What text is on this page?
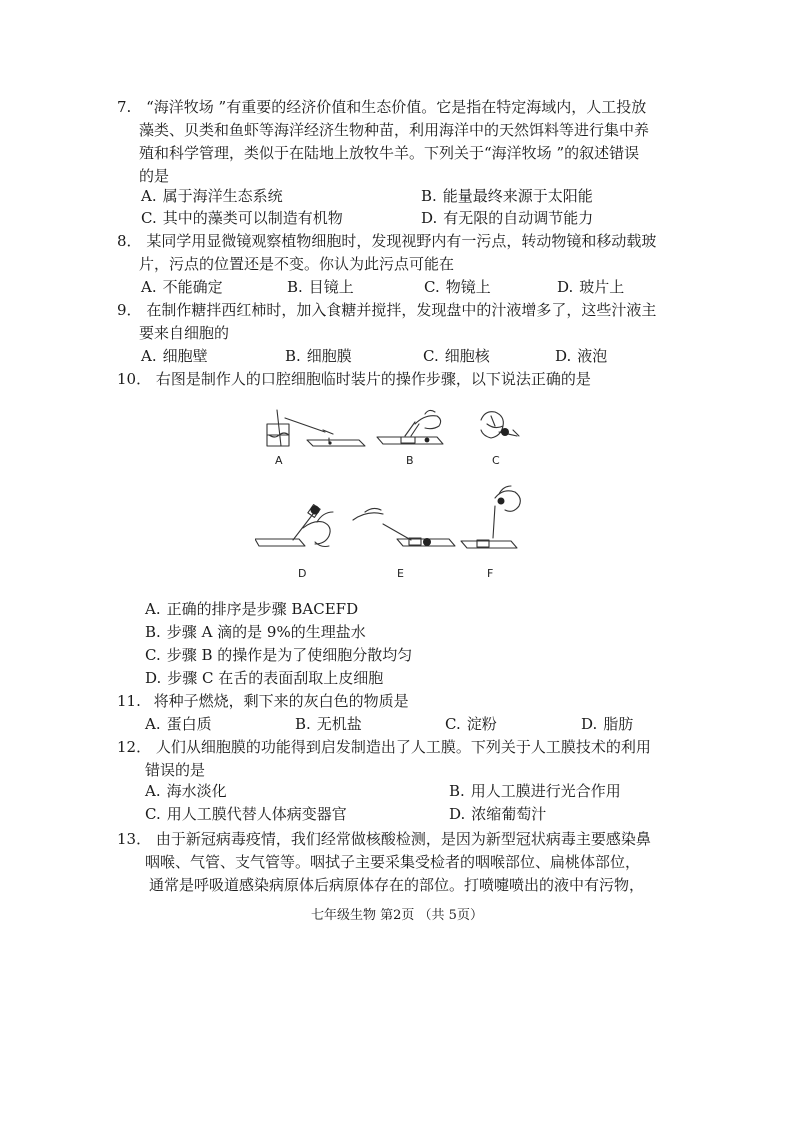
7. “海洋牧场 ”有重要的经济价值和生态价值。它是指在特定海域内，人工投放
藻类、贝类和鱼虾等海洋经济生物种苗，利用海洋中的天然饵料等进行集中养
殖和科学管理，类似于在陆地上放牧牛羊。下列关于“海洋牧场 ”的叙述错误
的是
A. 属于海洋生态系统	B. 能量最终来源于太阳能
C. 其中的藻类可以制造有机物	D. 有无限的自动调节能力
8． 某同学用显微镜观察植物细胞时，发现视野内有一污点，转动物镜和移动载玻
片，污点的位置还是不变。你认为此污点可能在
A. 不能确定	B. 目镜上	C. 物镜上	D. 玻片上
9． 在制作糖拌西红柿时，加入食糖并搅拌，发现盘中的汁液增多了，这些汁液主
要来自细胞的
A. 细胞壁	B. 细胞膜	C. 细胞核	D. 液泡
10． 右图是制作人的口腔细胞临时装片的操作步骤，以下说法正确的是
A	B	C
D	E	F
A. 正确的排序是步骤 BACEFD
B. 步骤 A 滴的是 9%的生理盐水
C. 步骤 B 的操作是为了使细胞分散均匀
D. 步骤 C 在舌的表面刮取上皮细胞
11. 将种子燃烧，剩下来的灰白色的物质是
A. 蛋白质	B. 无机盐	C. 淀粉	D. 脂肪
12． 人们从细胞膜的功能得到启发制造出了人工膜。下列关于人工膜技术的利用
错误的是
A. 海水淡化	B. 用人工膜进行光合作用
C. 用人工膜代替人体病变器官	D. 浓缩葡萄汁
13． 由于新冠病毒疫情，我们经常做核酸检测，是因为新型冠状病毒主要感染鼻
咽喉、气管、支气管等。咽拭子主要采集受检者的咽喉部位、扁桃体部位，
通常是呼吸道感染病原体后病原体存在的部位。打喷嚏喷出的液中有污物，
七年级生物 第2页 （共 5页）
